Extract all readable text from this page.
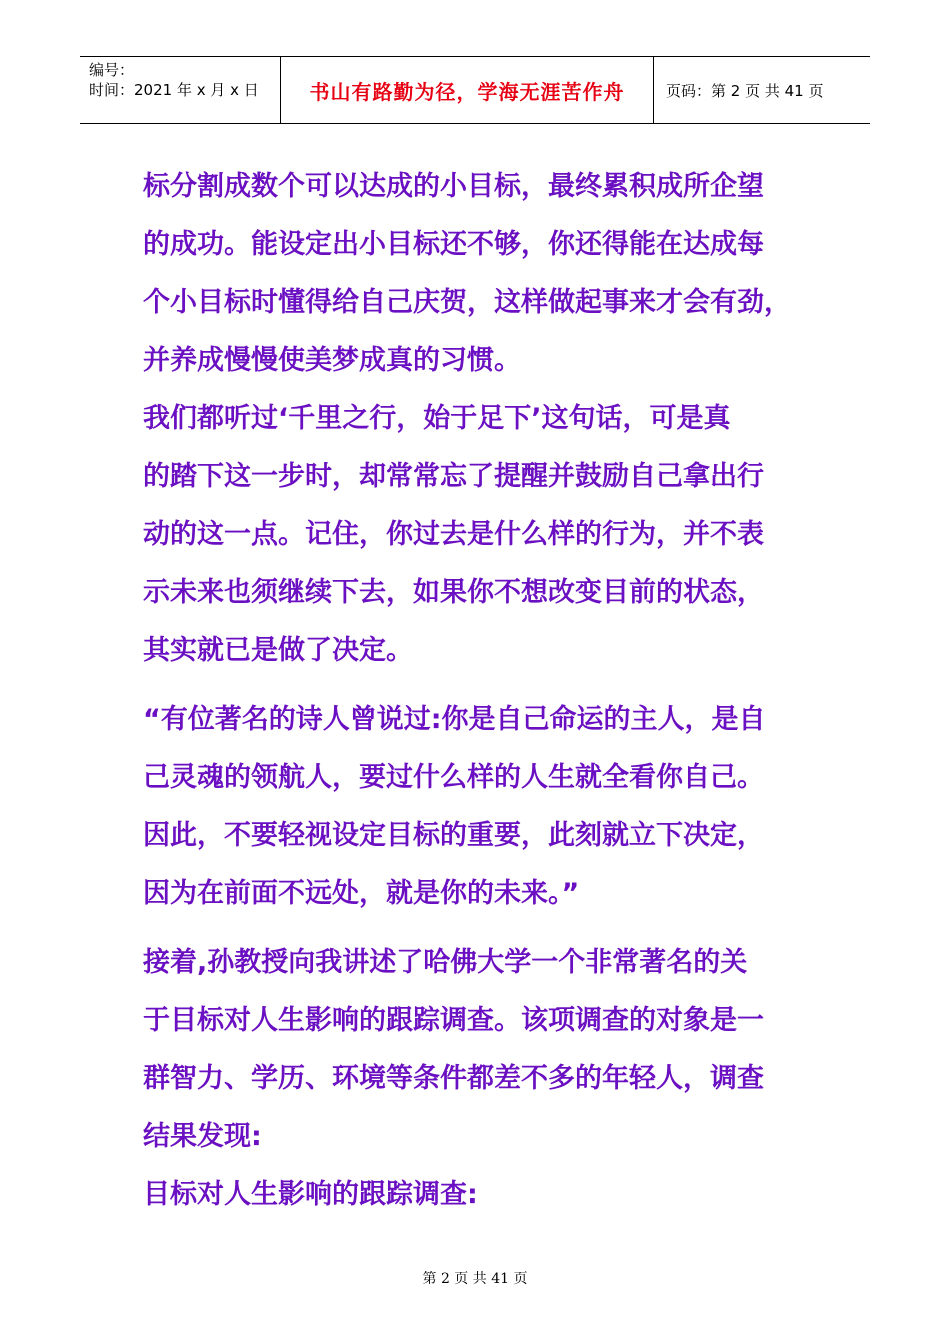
编号：
时间：2021 年 x 月 x 日	书山有路勤为径，学海无涯苦作舟	页码：第 2 页 共 41 页
标分割成数个可以达成的小目标，最终累积成所企望
的成功。能设定出小目标还不够，你还得能在达成每
个小目标时懂得给自己庆贺，这样做起事来才会有劲，
并养成慢慢使美梦成真的习惯。
我们都听过‘千里之行，始于足下’这句话，可是真
的踏下这一步时，却常常忘了提醒并鼓励自己拿出行
动的这一点。记住，你过去是什么样的行为，并不表
示未来也须继续下去，如果你不想改变目前的状态，
其实就已是做了决定。
“有位著名的诗人曾说过:你是自己命运的主人，是自
己灵魂的领航人，要过什么样的人生就全看你自己。
因此，不要轻视设定目标的重要，此刻就立下决定，
因为在前面不远处，就是你的未来。”
接着,孙教授向我讲述了哈佛大学一个非常著名的关
于目标对人生影响的跟踪调查。该项调查的对象是一
群智力、学历、环境等条件都差不多的年轻人，调查
结果发现:
目标对人生影响的跟踪调查:
第 2 页 共 41 页
